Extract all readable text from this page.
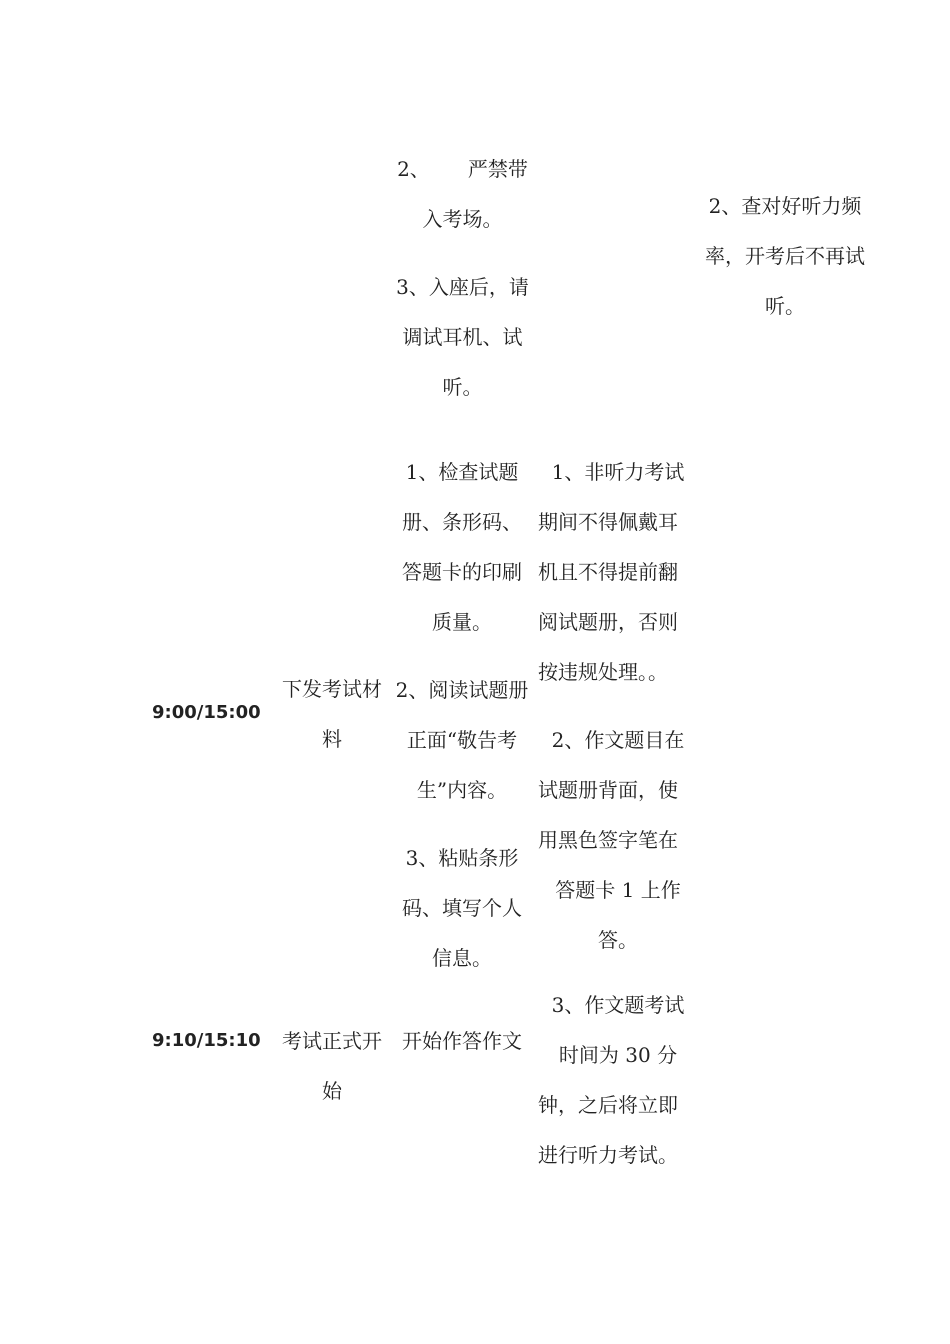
2、      严禁带
入考场。
3、入座后，请
调试耳机、试
听。
2、查对好听力频
率，开考后不再试
听。
9:00/15:00
下发考试材
料
1、检查试题
册、条形码、
答题卡的印刷
质量。
2、阅读试题册
正面“敬告考
生”内容。
3、粘贴条形
码、填写个人
信息。
1、非听力考试
期间不得佩戴耳
机且不得提前翻
阅试题册，否则
按违规处理。。
2、作文题目在
试题册背面，使
用黑色签字笔在
答题卡 1 上作
答。
9:10/15:10	考试正式开
始
开始作答作文
3、作文题考试
时间为 30 分
钟，之后将立即
进行听力考试。
